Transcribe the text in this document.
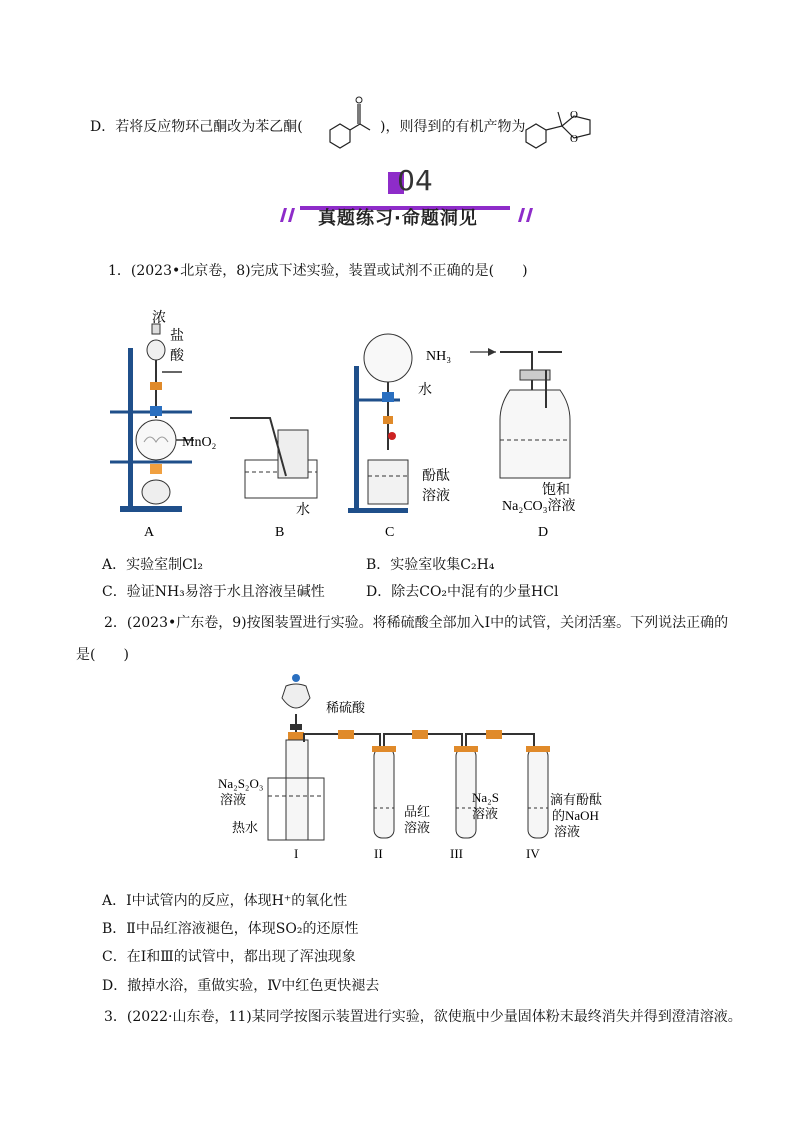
D．若将反应物环己酮改为苯乙酮(	)，则得到的有机产物为
O
O
04
真题练习·命题洞见
1．(2023•北京卷，8)完成下述实验，装置或试剂不正确的是(　　)
浓
盐
酸
MnO₂
水
NH₃
水
酚酞
溶液	饱和
Na₂CO₃溶液
A	B	C	D
A．实验室制Cl₂	B．实验室收集C₂H₄
C．验证NH₃易溶于水且溶液呈碱性	D．除去CO₂中混有的少量HCl
2．(2023•广东卷，9)按图装置进行实验。将稀硫酸全部加入Ⅰ中的试管，关闭活塞。下列说法正确的
是(　　)
稀硫酸
Na₂S₂O₃
溶液
热水
品红
溶液
Na₂S
溶液
滴有酚酞
的NaOH
溶液
I	II	III	IV
A．Ⅰ中试管内的反应，体现H⁺的氧化性
B．Ⅱ中品红溶液褪色，体现SO₂的还原性
C．在Ⅰ和Ⅲ的试管中，都出现了浑浊现象
D．撤掉水浴，重做实验，Ⅳ中红色更快褪去
3．(2022·山东卷，11)某同学按图示装置进行实验，欲使瓶中少量固体粉末最终消失并得到澄清溶液。
